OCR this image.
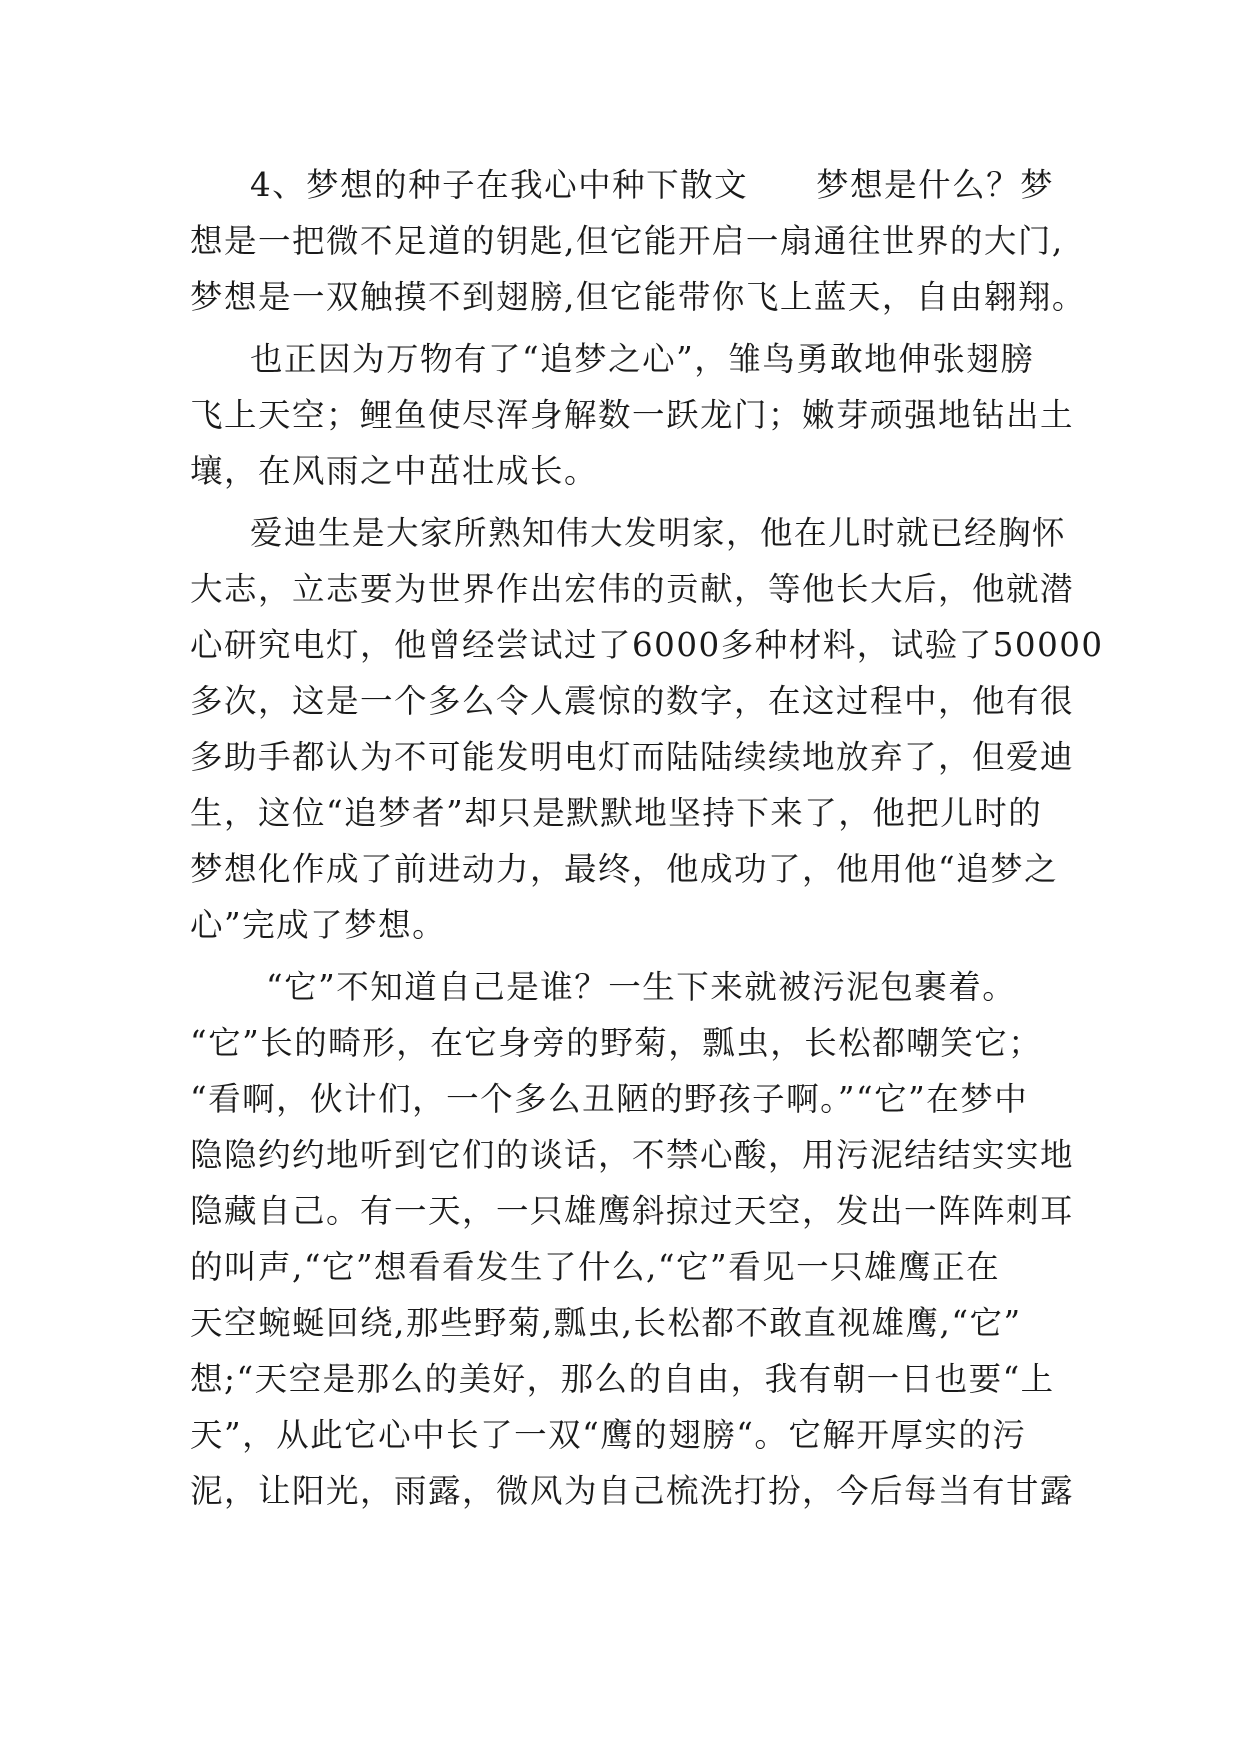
4、梦想的种子在我心中种下散文　　梦想是什么？梦
想是一把微不足道的钥匙,但它能开启一扇通往世界的大门,
梦想是一双触摸不到翅膀,但它能带你飞上蓝天，自由翱翔。
也正因为万物有了“追梦之心”，雏鸟勇敢地伸张翅膀
飞上天空；鲤鱼使尽浑身解数一跃龙门；嫩芽顽强地钻出土
壤，在风雨之中茁壮成长。
爱迪生是大家所熟知伟大发明家，他在儿时就已经胸怀
大志，立志要为世界作出宏伟的贡献，等他长大后，他就潜
心研究电灯，他曾经尝试过了6000多种材料，试验了50000
多次，这是一个多么令人震惊的数字，在这过程中，他有很
多助手都认为不可能发明电灯而陆陆续续地放弃了，但爱迪
生，这位“追梦者”却只是默默地坚持下来了，他把儿时的
梦想化作成了前进动力，最终，他成功了，他用他“追梦之
心”完成了梦想。
“它”不知道自己是谁？一生下来就被污泥包裹着。
“它”长的畸形，在它身旁的野菊，瓢虫，长松都嘲笑它；
“看啊，伙计们，一个多么丑陋的野孩子啊。”“它”在梦中
隐隐约约地听到它们的谈话，不禁心酸，用污泥结结实实地
隐藏自己。有一天，一只雄鹰斜掠过天空，发出一阵阵刺耳
的叫声,“它”想看看发生了什么,“它”看见一只雄鹰正在
天空蜿蜒回绕,那些野菊,瓢虫,长松都不敢直视雄鹰,“它”
想;“天空是那么的美好，那么的自由，我有朝一日也要“上
天”，从此它心中长了一双“鹰的翅膀“。它解开厚实的污
泥，让阳光，雨露，微风为自己梳洗打扮，今后每当有甘露
